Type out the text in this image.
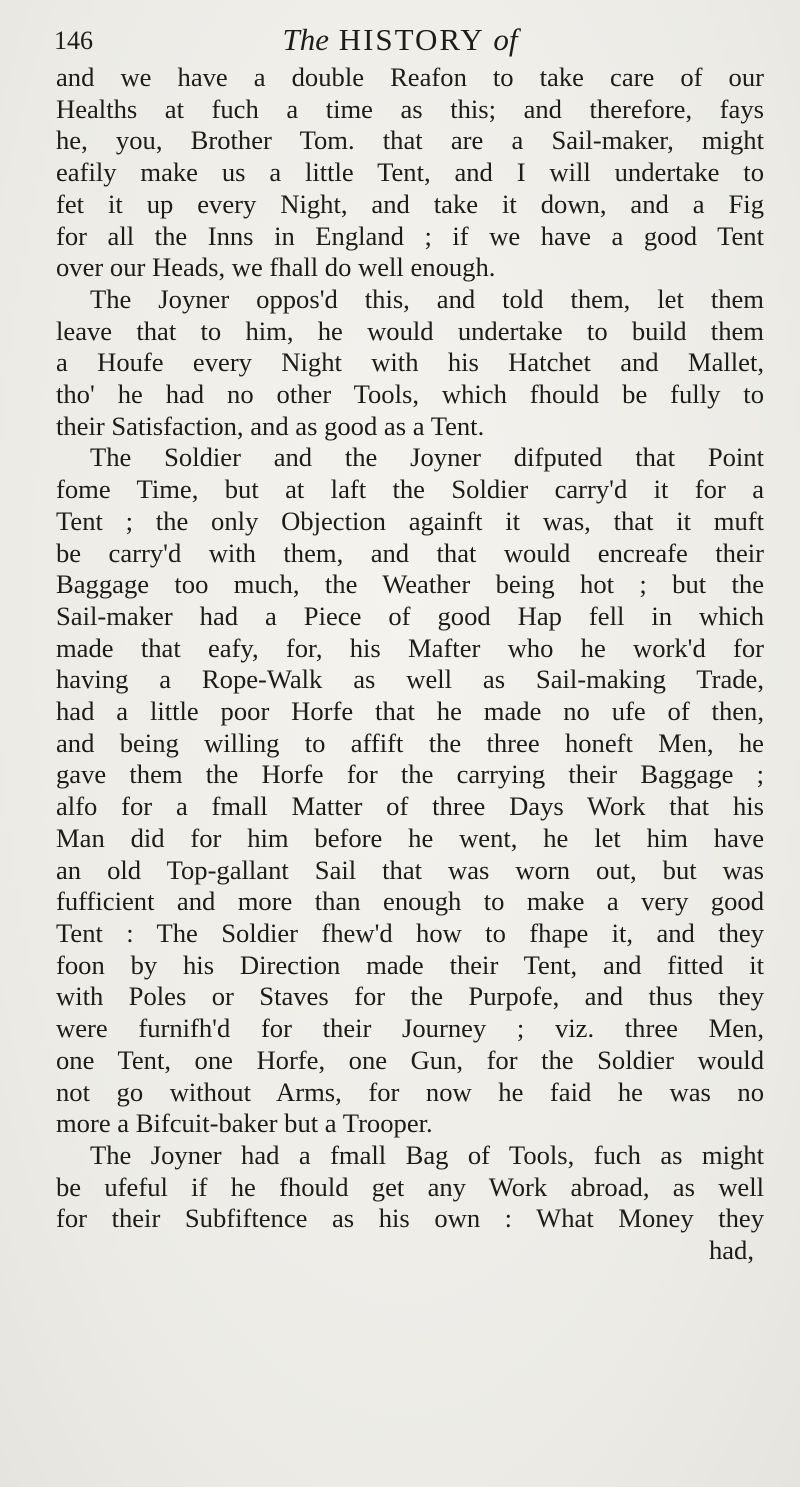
146	The HISTORY of
and we have a double Reafon to take care of our
Healths at fuch a time as this; and therefore, fays
he, you, Brother Tom. that are a Sail-maker, might
eafily make us a little Tent, and I will undertake to
fet it up every Night, and take it down, and a Fig
for all the Inns in England ; if we have a good Tent
over our Heads, we fhall do well enough.
The Joyner oppos'd this, and told them, let them
leave that to him, he would undertake to build them
a Houfe every Night with his Hatchet and Mallet,
tho' he had no other Tools, which fhould be fully to
their Satisfaction, and as good as a Tent.
The Soldier and the Joyner difputed that Point
fome Time, but at laft the Soldier carry'd it for a
Tent ; the only Objection againft it was, that it muft
be carry'd with them, and that would encreafe their
Baggage too much, the Weather being hot ; but the
Sail-maker had a Piece of good Hap fell in which
made that eafy, for, his Mafter who he work'd for
having a Rope-Walk as well as Sail-making Trade,
had a little poor Horfe that he made no ufe of then,
and being willing to affift the three honeft Men, he
gave them the Horfe for the carrying their Baggage ;
alfo for a fmall Matter of three Days Work that his
Man did for him before he went, he let him have
an old Top-gallant Sail that was worn out, but was
fufficient and more than enough to make a very good
Tent : The Soldier fhew'd how to fhape it, and they
foon by his Direction made their Tent, and fitted it
with Poles or Staves for the Purpofe, and thus they
were furnifh'd for their Journey ; viz. three Men,
one Tent, one Horfe, one Gun, for the Soldier would
not go without Arms, for now he faid he was no
more a Bifcuit-baker but a Trooper.
The Joyner had a fmall Bag of Tools, fuch as might
be ufeful if he fhould get any Work abroad, as well
for their Subfiftence as his own : What Money they
had,
